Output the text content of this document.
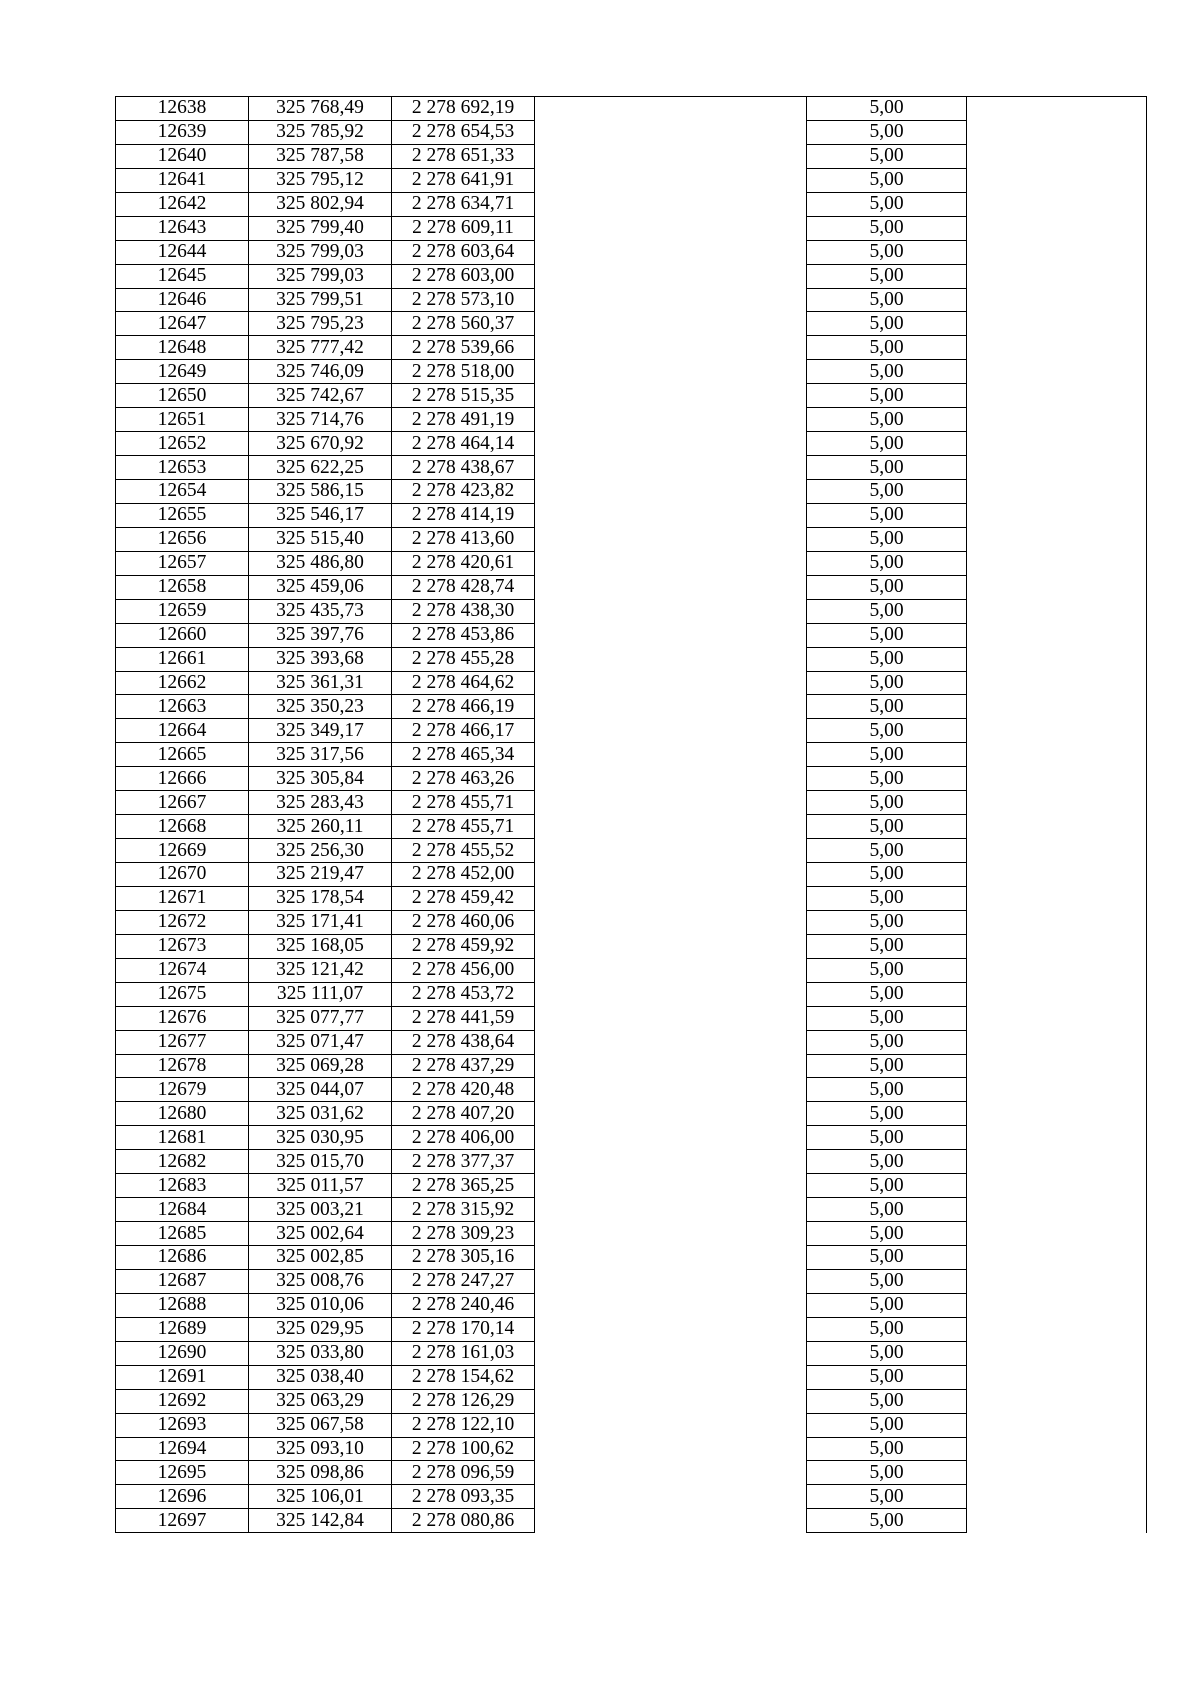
12638	325 768,49	2 278 692,19		5,00	
12639	325 785,92	2 278 654,53		5,00	
12640	325 787,58	2 278 651,33		5,00	
12641	325 795,12	2 278 641,91		5,00	
12642	325 802,94	2 278 634,71		5,00	
12643	325 799,40	2 278 609,11		5,00	
12644	325 799,03	2 278 603,64		5,00	
12645	325 799,03	2 278 603,00		5,00	
12646	325 799,51	2 278 573,10		5,00	
12647	325 795,23	2 278 560,37		5,00	
12648	325 777,42	2 278 539,66		5,00	
12649	325 746,09	2 278 518,00		5,00	
12650	325 742,67	2 278 515,35		5,00	
12651	325 714,76	2 278 491,19		5,00	
12652	325 670,92	2 278 464,14		5,00	
12653	325 622,25	2 278 438,67		5,00	
12654	325 586,15	2 278 423,82		5,00	
12655	325 546,17	2 278 414,19		5,00	
12656	325 515,40	2 278 413,60		5,00	
12657	325 486,80	2 278 420,61		5,00	
12658	325 459,06	2 278 428,74		5,00	
12659	325 435,73	2 278 438,30		5,00	
12660	325 397,76	2 278 453,86		5,00	
12661	325 393,68	2 278 455,28		5,00	
12662	325 361,31	2 278 464,62		5,00	
12663	325 350,23	2 278 466,19		5,00	
12664	325 349,17	2 278 466,17		5,00	
12665	325 317,56	2 278 465,34		5,00	
12666	325 305,84	2 278 463,26		5,00	
12667	325 283,43	2 278 455,71		5,00	
12668	325 260,11	2 278 455,71		5,00	
12669	325 256,30	2 278 455,52		5,00	
12670	325 219,47	2 278 452,00		5,00	
12671	325 178,54	2 278 459,42		5,00	
12672	325 171,41	2 278 460,06		5,00	
12673	325 168,05	2 278 459,92		5,00	
12674	325 121,42	2 278 456,00		5,00	
12675	325 111,07	2 278 453,72		5,00	
12676	325 077,77	2 278 441,59		5,00	
12677	325 071,47	2 278 438,64		5,00	
12678	325 069,28	2 278 437,29		5,00	
12679	325 044,07	2 278 420,48		5,00	
12680	325 031,62	2 278 407,20		5,00	
12681	325 030,95	2 278 406,00		5,00	
12682	325 015,70	2 278 377,37		5,00	
12683	325 011,57	2 278 365,25		5,00	
12684	325 003,21	2 278 315,92		5,00	
12685	325 002,64	2 278 309,23		5,00	
12686	325 002,85	2 278 305,16		5,00	
12687	325 008,76	2 278 247,27		5,00	
12688	325 010,06	2 278 240,46		5,00	
12689	325 029,95	2 278 170,14		5,00	
12690	325 033,80	2 278 161,03		5,00	
12691	325 038,40	2 278 154,62		5,00	
12692	325 063,29	2 278 126,29		5,00	
12693	325 067,58	2 278 122,10		5,00	
12694	325 093,10	2 278 100,62		5,00	
12695	325 098,86	2 278 096,59		5,00	
12696	325 106,01	2 278 093,35		5,00	
12697	325 142,84	2 278 080,86		5,00	
